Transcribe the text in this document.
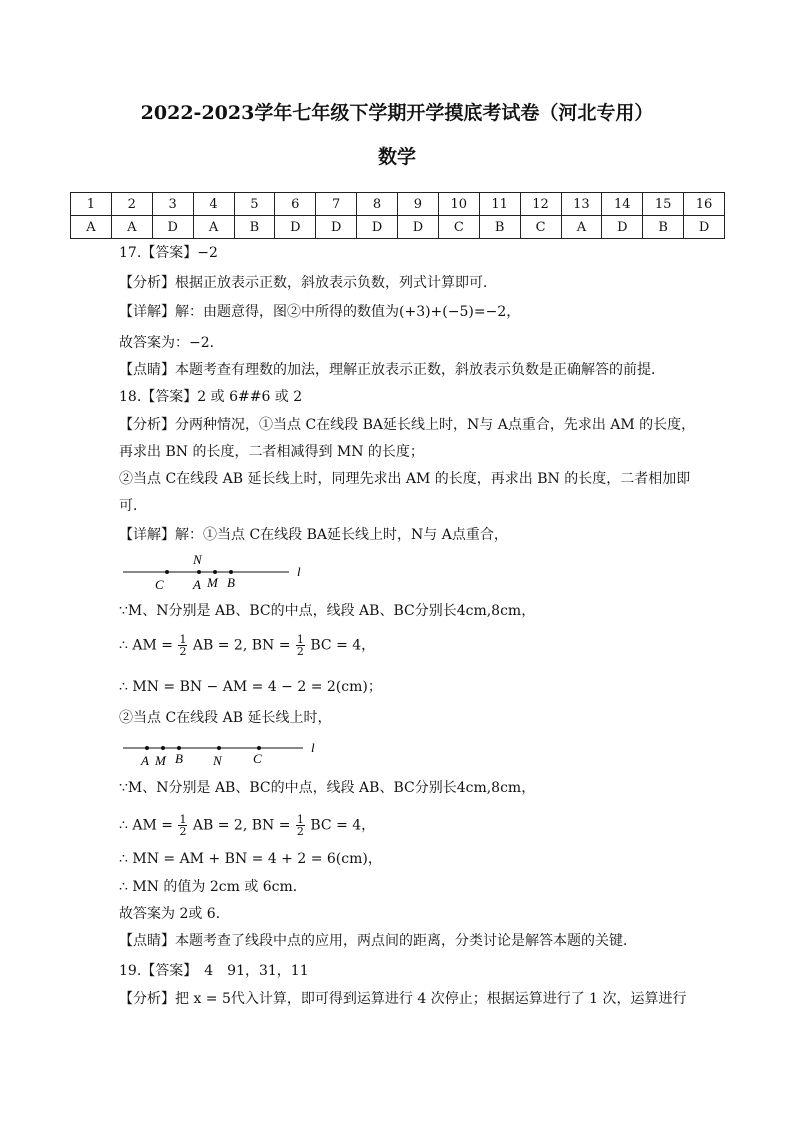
2022-2023学年七年级下学期开学摸底考试卷（河北专用）
数学
1	2	3	4	5	6	7	8	9	10	11	12	13	14	15	16
A	A	D	A	B	D	D	D	D	C	B	C	A	D	B	D
17.【答案】−2
【分析】根据正放表示正数，斜放表示负数，列式计算即可．
【详解】解：由题意得，图②中所得的数值为(+3)+(−5)=−2，
故答案为：−2．
【点睛】本题考查有理数的加法，理解正放表示正数，斜放表示负数是正确解答的前提．
18.【答案】2 或 6##6 或 2
【分析】分两种情况，①当点 C在线段 BA延长线上时，N与 A点重合，先求出 AM 的长度，
再求出 BN 的长度，二者相减得到 MN 的长度；
②当点 C在线段 AB 延长线上时，同理先求出 AM 的长度，再求出 BN 的长度，二者相加即
可．
【详解】解：①当点 C在线段 BA延长线上时，N与 A点重合，
N
C A M B
l
∵M、N分别是 AB、BC的中点，线段 AB、BC分别长4cm,8cm，
∴ AM = $\frac{1}{2}$ AB = 2, BN = $\frac{1}{2}$ BC = 4，
∴ MN = BN − AM = 4 − 2 = 2(cm)；
②当点 C在线段 AB 延长线上时，
A M B N C
l
∵M、N分别是 AB、BC的中点，线段 AB、BC分别长4cm,8cm，
∴ AM = $\frac{1}{2}$ AB = 2, BN = $\frac{1}{2}$ BC = 4，
∴ MN = AM + BN = 4 + 2 = 6(cm)，
∴ MN 的值为 2cm 或 6cm．
故答案为 2或 6．
【点睛】本题考查了线段中点的应用，两点间的距离，分类讨论是解答本题的关键．
19.【答案】　4　91，31，11
【分析】把 x = 5代入计算，即可得到运算进行 4 次停止；根据运算进行了 1 次，运算进行
